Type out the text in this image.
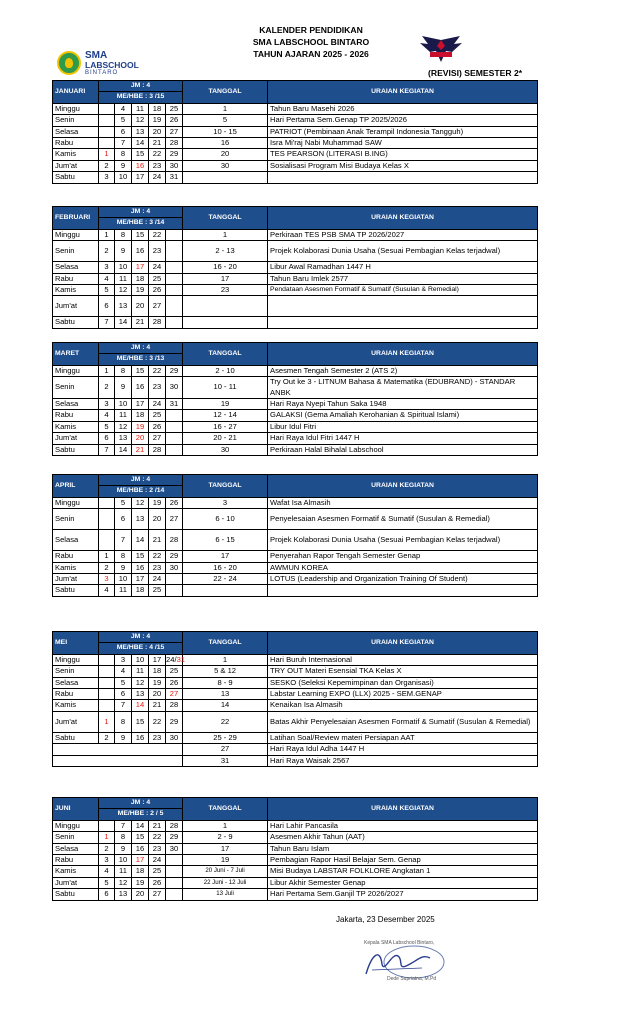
KALENDER PENDIDIKAN
SMA LABSCHOOL BINTARO
TAHUN AJARAN 2025 - 2026
SMA
LABSCHOOL
BINTARO	(REVISI) SEMESTER 2*
JANUARI	JM : 4					TANGGAL	URAIAN KEGIATAN
	ME/HBE : 3 /15						
Minggu		4	11	18	25	1	Tahun Baru Masehi 2026
Senin		5	12	19	26	5	Hari Pertama Sem.Genap TP 2025/2026
Selasa		6	13	20	27	10 - 15	PATRIOT (Pembinaan Anak Terampil Indonesia Tangguh)
Rabu		7	14	21	28	16	Isra Mi'raj Nabi Muhammad SAW
Kamis	1	8	15	22	29	20	TES PEARSON (LITERASI B.ING)
Jum'at	2	9	16	23	30	30	Sosialisasi Program Misi Budaya Kelas X
Sabtu	3	10	17	24	31		
FEBRUARI	JM : 4					TANGGAL	URAIAN KEGIATAN
	ME/HBE : 3 /14						
Minggu	1	8	15	22		1	Perkiraan TES PSB SMA TP 2026/2027
Senin	2	9	16	23		2 - 13	Projek Kolaborasi Dunia Usaha (Sesuai Pembagian Kelas terjadwal)
Selasa	3	10	17	24		16 - 20	Libur Awal Ramadhan 1447 H
Rabu	4	11	18	25		17	Tahun Baru Imlek 2577
Kamis	5	12	19	26		23	Pendataan Asesmen Formatif & Sumatif (Susulan & Remedial)
Jum'at	6	13	20	27			
Sabtu	7	14	21	28			
MARET	JM : 4					TANGGAL	URAIAN KEGIATAN
	ME/HBE : 3 /13						
Minggu	1	8	15	22	29	2 - 10	Asesmen Tengah Semester 2 (ATS 2)
Senin	2	9	16	23	30	10 - 11	Try Out ke 3 - LITNUM Bahasa & Matematika (EDUBRAND) - STANDAR ANBK
Selasa	3	10	17	24	31	19	Hari Raya Nyepi Tahun Saka 1948
Rabu	4	11	18	25		12 - 14	GALAKSI (Gema Amaliah Kerohanian & Spiritual Islami)
Kamis	5	12	19	26		16 - 27	Libur Idul Fitri
Jum'at	6	13	20	27		20 - 21	Hari Raya Idul Fitri 1447 H
Sabtu	7	14	21	28		30	Perkiraan Halal Bihalal Labschool
APRIL	JM : 4					TANGGAL	URAIAN KEGIATAN
	ME/HBE : 2 /14						
Minggu		5	12	19	26	3	Wafat Isa Almasih
Senin		6	13	20	27	6 - 10	Penyelesaian Asesmen Formatif & Sumatif (Susulan & Remedial)
Selasa		7	14	21	28	6 - 15	Projek Kolaborasi Dunia Usaha (Sesuai Pembagian Kelas terjadwal)
Rabu	1	8	15	22	29	17	Penyerahan Rapor Tengah Semester Genap
Kamis	2	9	16	23	30	16 - 20	AWMUN KOREA
Jum'at	3	10	17	24		22 - 24	LOTUS (Leadership and Organization Training Of Student)
Sabtu	4	11	18	25			
MEI	JM : 4					TANGGAL	URAIAN KEGIATAN
	ME/HBE : 4 /15						
Minggu		3	10	17	24/31	1	Hari Buruh Internasional
Senin		4	11	18	25	5 & 12	TRY OUT Materi Esensial TKA Kelas X
Selasa		5	12	19	26	8 - 9	SESKO (Seleksi Kepemimpinan dan Organisasi)
Rabu		6	13	20	27	13	Labstar Learning EXPO (LLX) 2025 - SEM.GENAP
Kamis		7	14	21	28	14	Kenaikan Isa Almasih
Jum'at	1	8	15	22	29	22	Batas Akhir Penyelesaian Asesmen Formatif & Sumatif (Susulan & Remedial)
Sabtu	2	9	16	23	30	25 - 29	Latihan Soal/Review materi Persiapan AAT
						27	Hari Raya Idul Adha 1447 H
						31	Hari Raya Waisak 2567
JUNI	JM : 4					TANGGAL	URAIAN KEGIATAN
	ME/HBE : 2 / 5						
Minggu		7	14	21	28	1	Hari Lahir Pancasila
Senin	1	8	15	22	29	2 - 9	Asesmen Akhir Tahun (AAT)
Selasa	2	9	16	23	30	17	Tahun Baru Islam
Rabu	3	10	17	24		19	Pembagian Rapor Hasil Belajar Sem. Genap
Kamis	4	11	18	25		20 Juni - 7 Juli	Misi Budaya LABSTAR FOLKLORE Angkatan 1
Jum'at	5	12	19	26		22 Juni - 12 Juli	Libur Akhir Semester Genap
Sabtu	6	13	20	27		13 Juli	Hari Pertama Sem.Ganjil TP 2026/2027
Jakarta, 23 Desember 2025
Kepala SMA Labschool Bintaro,
Dede Supriatna, M.Pd
